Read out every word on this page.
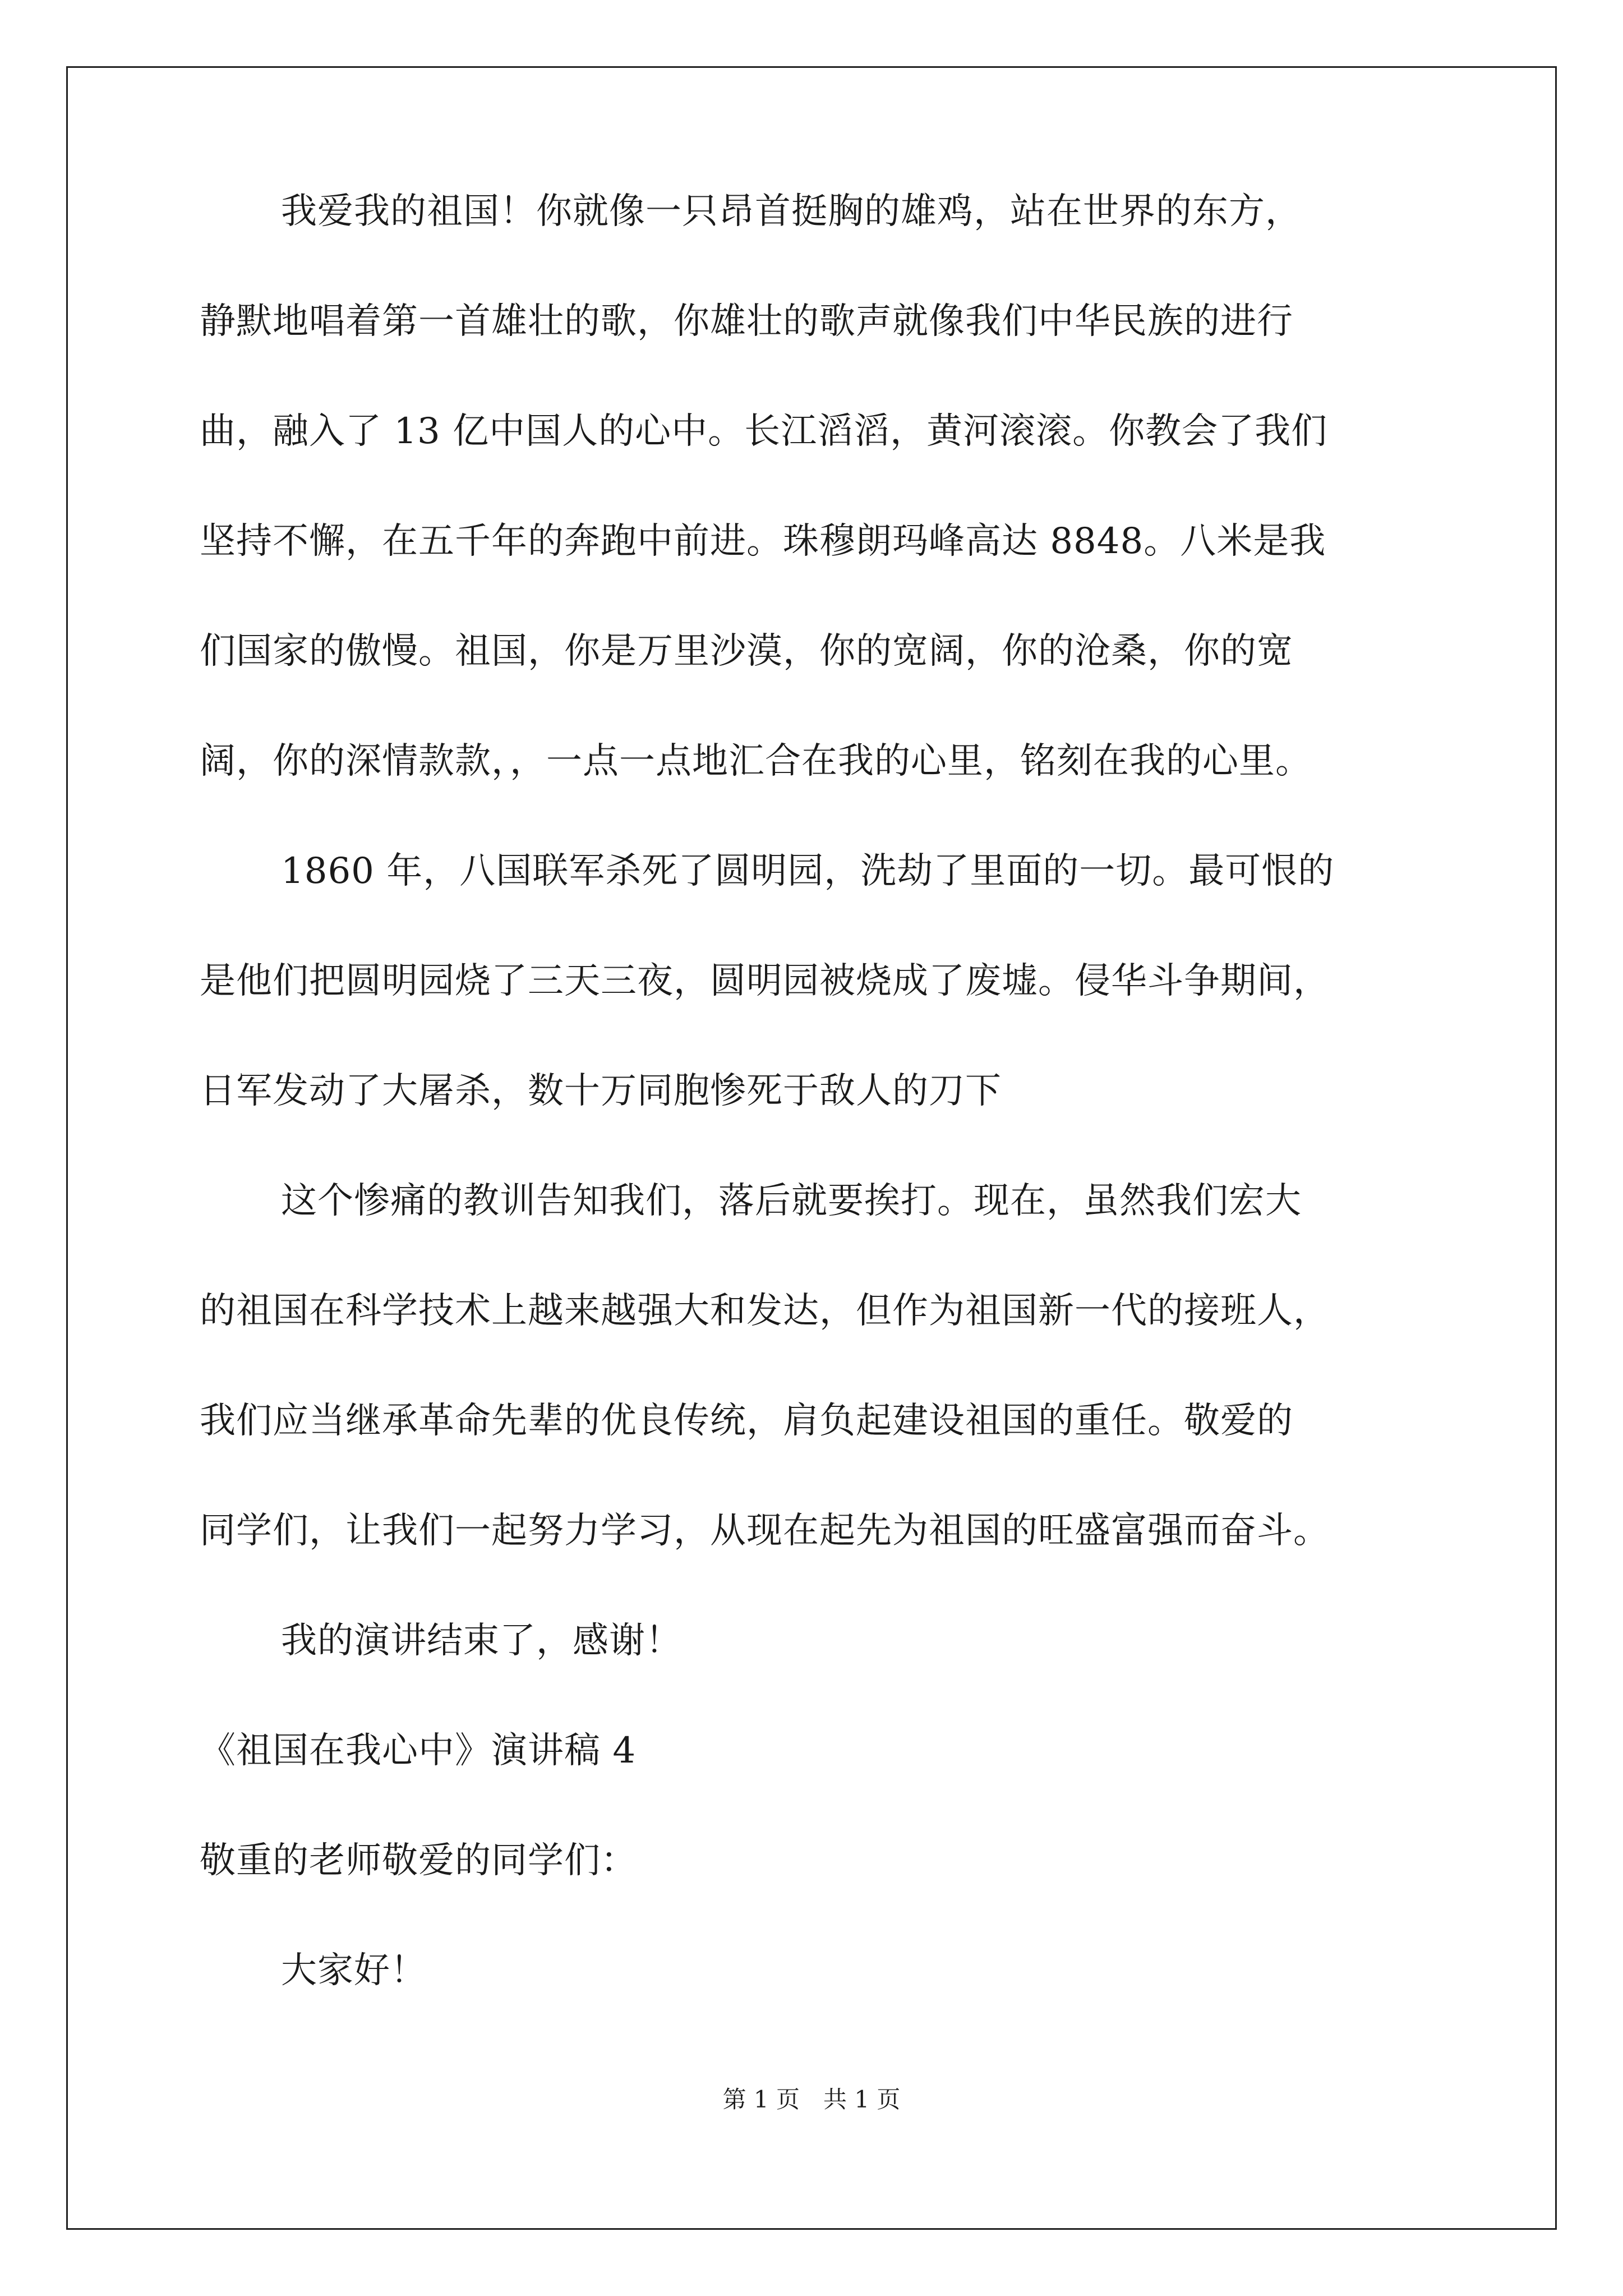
我爱我的祖国！你就像一只昂首挺胸的雄鸡，站在世界的东方，
静默地唱着第一首雄壮的歌，你雄壮的歌声就像我们中华民族的进行
曲，融入了 13 亿中国人的心中。长江滔滔，黄河滚滚。你教会了我们
坚持不懈，在五千年的奔跑中前进。珠穆朗玛峰高达 8848。八米是我
们国家的傲慢。祖国，你是万里沙漠，你的宽阔，你的沧桑，你的宽
阔，你的深情款款，，一点一点地汇合在我的心里，铭刻在我的心里。
1860 年，八国联军杀死了圆明园，洗劫了里面的一切。最可恨的
是他们把圆明园烧了三天三夜，圆明园被烧成了废墟。侵华斗争期间，
日军发动了大屠杀，数十万同胞惨死于敌人的刀下
这个惨痛的教训告知我们，落后就要挨打。现在，虽然我们宏大
的祖国在科学技术上越来越强大和发达，但作为祖国新一代的接班人，
我们应当继承革命先辈的优良传统，肩负起建设祖国的重任。敬爱的
同学们，让我们一起努力学习，从现在起先为祖国的旺盛富强而奋斗。
我的演讲结束了，感谢！
《祖国在我心中》演讲稿 4
敬重的老师敬爱的同学们：
大家好！
第 1 页　共 1 页
